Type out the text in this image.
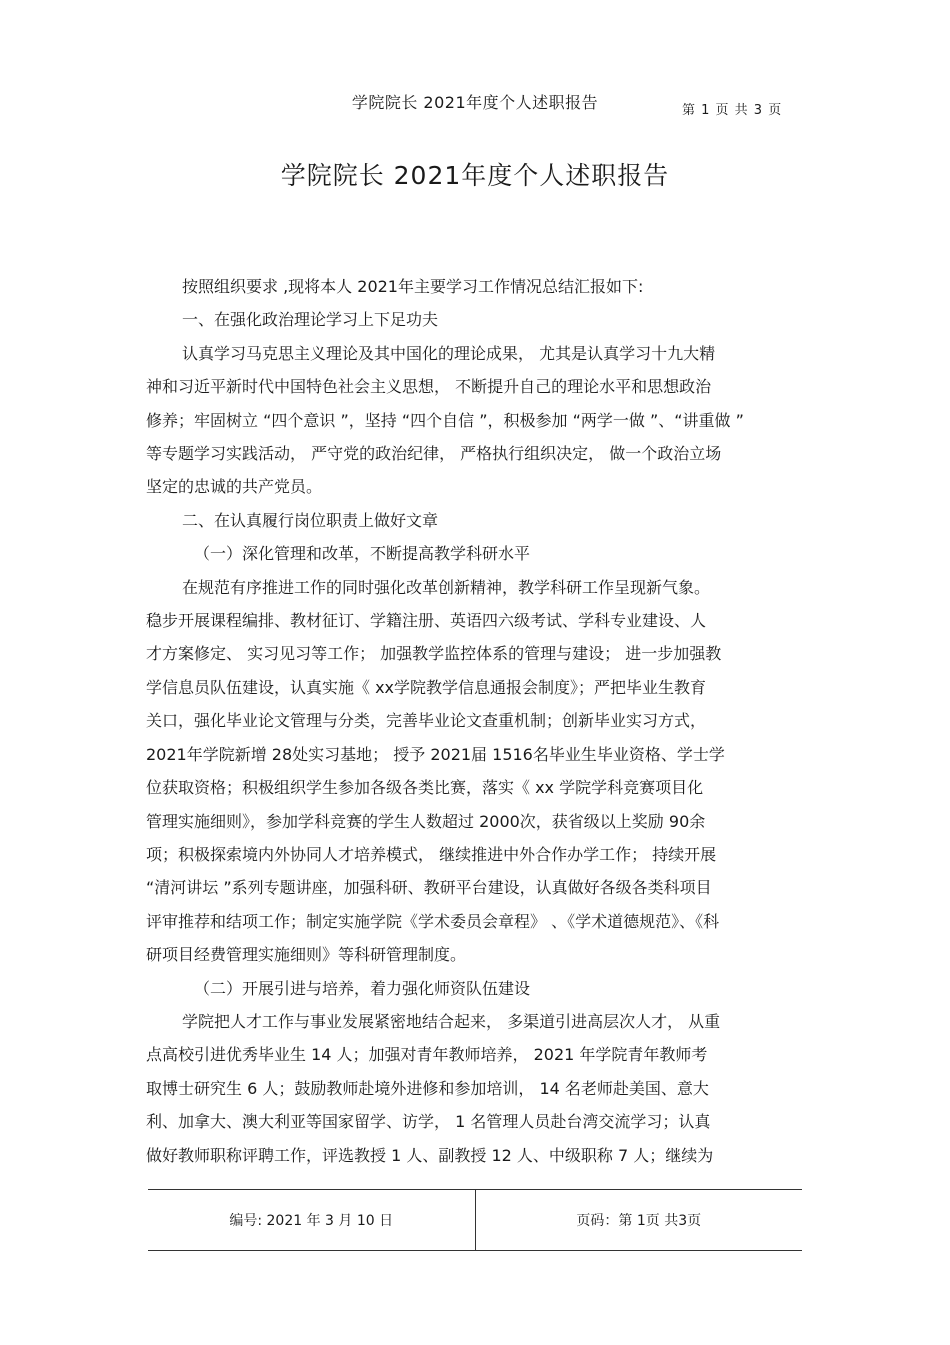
学院院长 2021年度个人述职报告	第 1 页 共 3 页
学院院长 2021年度个人述职报告
按照组织要求 ,现将本人 2021年主要学习工作情况总结汇报如下:
一、在强化政治理论学习上下足功夫
认真学习马克思主义理论及其中国化的理论成果， 尤其是认真学习十九大精
神和习近平新时代中国特色社会主义思想， 不断提升自己的理论水平和思想政治
修养；牢固树立 “四个意识 ”，坚持 “四个自信 ”，积极参加 “两学一做 ”、“讲重做 ”
等专题学习实践活动， 严守党的政治纪律， 严格执行组织决定， 做一个政治立场
坚定的忠诚的共产党员。
二、在认真履行岗位职责上做好文章
（一）深化管理和改革，不断提高教学科研水平
在规范有序推进工作的同时强化改革创新精神，教学科研工作呈现新气象。
稳步开展课程编排、教材征订、学籍注册、英语四六级考试、学科专业建设、人
才方案修定、 实习见习等工作； 加强教学监控体系的管理与建设； 进一步加强教
学信息员队伍建设，认真实施《 xx学院教学信息通报会制度》；严把毕业生教育
关口，强化毕业论文管理与分类，完善毕业论文查重机制；创新毕业实习方式，
2021年学院新增 28处实习基地； 授予 2021届 1516名毕业生毕业资格、学士学
位获取资格；积极组织学生参加各级各类比赛，落实《 xx 学院学科竞赛项目化
管理实施细则》，参加学科竞赛的学生人数超过 2000次，获省级以上奖励 90余
项；积极探索境内外协同人才培养模式， 继续推进中外合作办学工作； 持续开展
“清河讲坛 ”系列专题讲座，加强科研、教研平台建设，认真做好各级各类科项目
评审推荐和结项工作；制定实施学院《学术委员会章程》 、《学术道德规范》、《科
研项目经费管理实施细则》等科研管理制度。
（二）开展引进与培养，着力强化师资队伍建设
学院把人才工作与事业发展紧密地结合起来， 多渠道引进高层次人才， 从重
点高校引进优秀毕业生 14 人；加强对青年教师培养， 2021 年学院青年教师考
取博士研究生 6 人；鼓励教师赴境外进修和参加培训， 14 名老师赴美国、意大
利、加拿大、澳大利亚等国家留学、访学， 1 名管理人员赴台湾交流学习；认真
做好教师职称评聘工作，评选教授 1 人、副教授 12 人、中级职称 7 人；继续为
编号: 2021 年 3 月 10 日	页码：第 1页 共3页
